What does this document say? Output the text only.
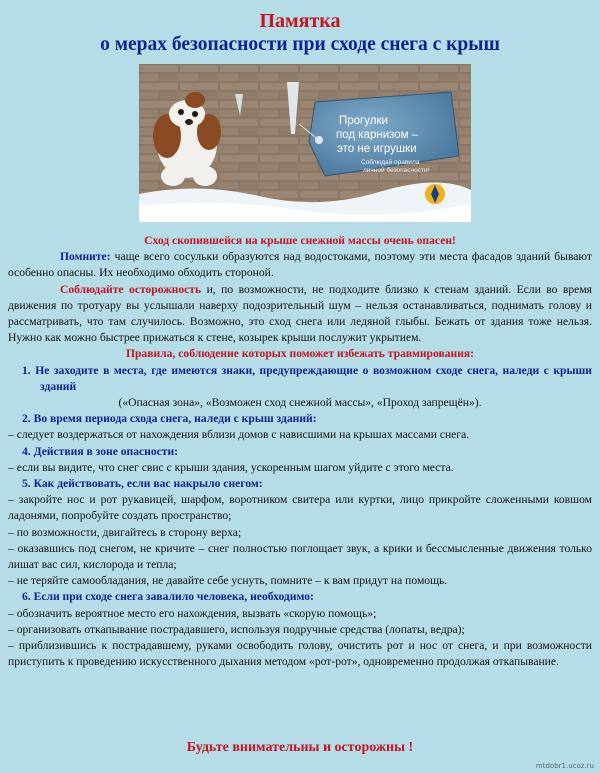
Памятка
о мерах безопасности при сходе снега с крыш
Прогулки
под карнизом –
это не игрушки
Соблюдай правила
личной безопасности!

Сход скопившейся на крыше снежной массы очень опасен!

Помните: чаще всего сосульки образуются над водостоками, поэтому эти места фасадов зданий бывают особенно опасны. Их необходимо обходить стороной.

Соблюдайте осторожность и, по возможности, не подходите близко к стенам зданий. Если во время движения по тротуару вы услышали наверху подозрительный шум – нельзя останавливаться, поднимать голову и рассматривать, что там случилось. Возможно, это сход снега или ледяной глыбы. Бежать от здания тоже нельзя. Нужно как можно быстрее прижаться к стене, козырек крыши послужит укрытием.

Правила, соблюдение которых поможет избежать травмирования:

1. Не заходите в места, где имеются знаки, предупреждающие о возможном сходе снега, наледи с крыши зданий

(«Опасная зона», «Возможен сход снежной массы», «Проход запрещён»).

2. Во время периода схода снега, наледи с крыш зданий:

– следует воздержаться от нахождения вблизи домов с нависшими на крышах массами снега.

4. Действия в зоне опасности:

– если вы видите, что снег свис с крыши здания, ускоренным шагом уйдите с этого места.

5. Как действовать, если вас накрыло снегом:

– закройте нос и рот рукавицей, шарфом, воротником свитера или куртки, лицо прикройте сложенными ковшом ладонями, попробуйте создать пространство;

– по возможности, двигайтесь в сторону верха;

– оказавшись под снегом, не кричите – снег полностью поглощает звук, а крики и бессмысленные движения только лишат вас сил, кислорода и тепла;

– не теряйте самообладания, не давайте себе уснуть, помните – к вам придут на помощь.

6. Если при сходе снега завалило человека, необходимо:

– обозначить вероятное место его нахождения, вызвать «скорую помощь»;

– организовать откапывание пострадавшего, используя подручные средства (лопаты, ведра);

– приблизившись к пострадавшему, руками освободить голову, очистить рот и нос от снега, и при возможности приступить к проведению искусственного дыхания методом «рот-рот», одновременно продолжая откапывание.

Будьте внимательны и осторожны !
mtdobr1.ucoz.ru
